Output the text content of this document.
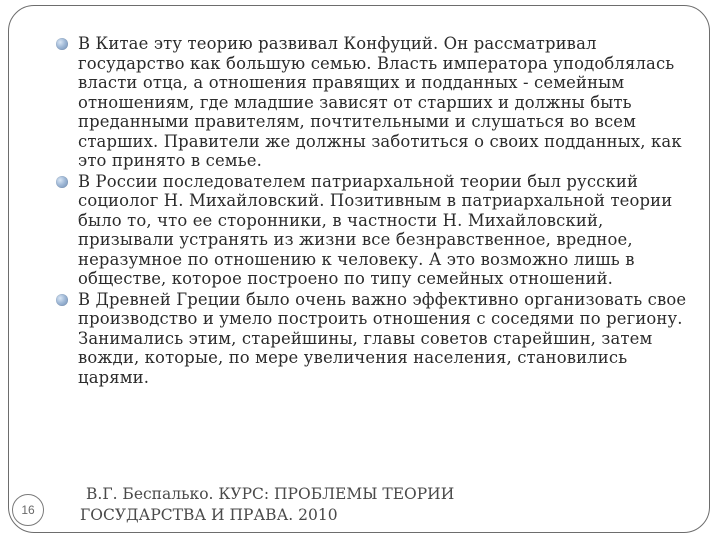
В Китае эту теорию развивал Конфуций. Он рассматривал государство как большую семью. Власть императора уподоблялась власти отца, а отношения правящих и подданных - семейным отношениям, где младшие зависят от старших и должны быть преданными правителям, почтительными и слушаться во всем старших. Правители же должны заботиться о своих подданных, как это принято в семье.
В России последователем патриархальной теории был русский социолог Н. Михайловский. Позитивным в патриархальной теории было то, что ее сторонники, в частности Н. Михайловский, призывали устранять из жизни все безнравственное, вредное, неразумное по отношению к человеку. А это возможно лишь в обществе, которое построено по типу семейных отношений.
В Древней Греции было очень важно эффективно организовать свое производство и умело построить отношения с соседями по региону. Занимались этим, старейшины, главы советов старейшин, затем вожди, которые, по мере увеличения населения, становились царями.
16
В.Г. Беспалько. КУРС: ПРОБЛЕМЫ ТЕОРИИ
ГОСУДАРСТВА И ПРАВА. 2010
